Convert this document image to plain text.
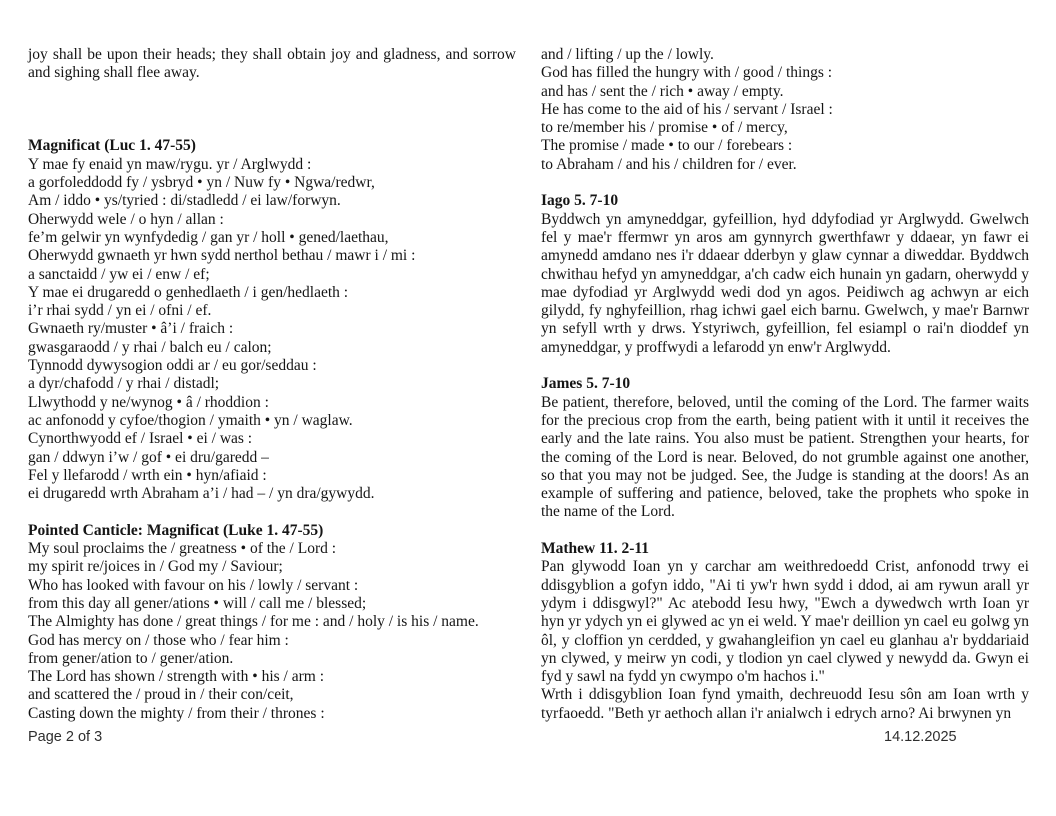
joy shall be upon their heads; they shall obtain joy and gladness, and sorrow and sighing shall flee away.

Magnificat (Luc 1. 47-55)
Y mae fy enaid yn maw/rygu. yr / Arglwydd :
a gorfoleddodd fy / ysbryd • yn / Nuw fy • Ngwa/redwr,
Am / iddo • ys/tyried : di/stadledd / ei law/forwyn.
Oherwydd wele / o hyn / allan :
fe’m gelwir yn wynfydedig / gan yr / holl • gened/laethau,
Oherwydd gwnaeth yr hwn sydd nerthol bethau / mawr i / mi :
a sanctaidd / yw ei / enw / ef;
Y mae ei drugaredd o genhedlaeth / i gen/hedlaeth :
i’r rhai sydd / yn ei / ofni / ef.
Gwnaeth ry/muster • â’i / fraich :
gwasgaraodd / y rhai / balch eu / calon;
Tynnodd dywysogion oddi ar / eu gor/seddau :
a dyr/chafodd / y rhai / distadl;
Llwythodd y ne/wynog • â / rhoddion :
ac anfonodd y cyfoe/thogion / ymaith • yn / waglaw.
Cynorthwyodd ef / Israel • ei / was :
gan / ddwyn i’w / gof • ei dru/garedd –
Fel y llefarodd / wrth ein • hyn/afiaid :
ei drugaredd wrth Abraham a’i / had – / yn dra/gywydd.
Pointed Canticle: Magnificat (Luke 1. 47-55)
My soul proclaims the / greatness • of the / Lord :
my spirit re/joices in / God my / Saviour;
Who has looked with favour on his / lowly / servant :
from this day all gener/ations • will / call me / blessed;
The Almighty has done / great things / for me : and / holy / is his / name.
God has mercy on / those who / fear him :
from gener/ation to / gener/ation.
The Lord has shown / strength with • his / arm :
and scattered the / proud in / their con/ceit,
Casting down the mighty / from their / thrones :
and / lifting / up the / lowly.
God has filled the hungry with / good / things :
and has / sent the / rich • away / empty.
He has come to the aid of his / servant / Israel :
to re/member his / promise • of / mercy,
The promise / made • to our / forebears :
to Abraham / and his / children for / ever.
Iago 5. 7-10

Byddwch yn amyneddgar, gyfeillion, hyd ddyfodiad yr Arglwydd. Gwelwch fel y mae'r ffermwr yn aros am gynnyrch gwerthfawr y ddaear, yn fawr ei amynedd amdano nes i'r ddaear dderbyn y glaw cynnar a diweddar. Byddwch chwithau hefyd yn amyneddgar, a'ch cadw eich hunain yn gadarn, oherwydd y mae dyfodiad yr Arglwydd wedi dod yn agos. Peidiwch ag achwyn ar eich gilydd, fy nghyfeillion, rhag ichwi gael eich barnu. Gwelwch, y mae'r Barnwr yn sefyll wrth y drws. Ystyriwch, gyfeillion, fel esiampl o rai'n dioddef yn amyneddgar, y proffwydi a lefarodd yn enw'r Arglwydd.

James 5. 7-10

Be patient, therefore, beloved, until the coming of the Lord. The farmer waits for the precious crop from the earth, being patient with it until it receives the early and the late rains. You also must be patient. Strengthen your hearts, for the coming of the Lord is near. Beloved, do not grumble against one another, so that you may not be judged. See, the Judge is standing at the doors! As an example of suffering and patience, beloved, take the prophets who spoke in the name of the Lord.

Mathew 11. 2-11

Pan glywodd Ioan yn y carchar am weithredoedd Crist, anfonodd trwy ei ddisgyblion a gofyn iddo, "Ai ti yw'r hwn sydd i ddod, ai am rywun arall yr ydym i ddisgwyl?" Ac atebodd Iesu hwy, "Ewch a dywedwch wrth Ioan yr hyn yr ydych yn ei glywed ac yn ei weld. Y mae'r deillion yn cael eu golwg yn ôl, y cloffion yn cerdded, y gwahangleifion yn cael eu glanhau a'r byddariaid yn clywed, y meirw yn codi, y tlodion yn cael clywed y newydd da. Gwyn ei fyd y sawl na fydd yn cwympo o'm hachos i."

Wrth i ddisgyblion Ioan fynd ymaith, dechreuodd Iesu sôn am Ioan wrth y tyrfaoedd. "Beth yr aethoch allan i'r anialwch i edrych arno? Ai brwynen yn

Page 2 of 3	14.12.2025
